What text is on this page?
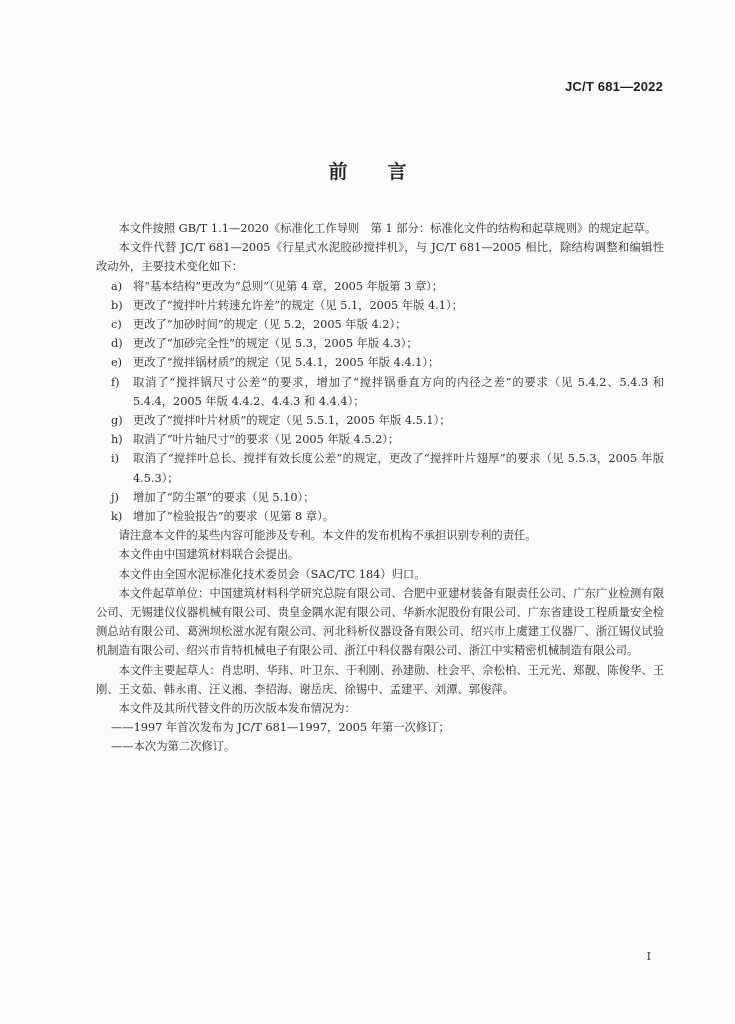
JC/T 681—2022
前言

本文件按照 GB/T 1.1—2020《标准化工作导则　第 1 部分：标准化文件的结构和起草规则》的规定起草。

本文件代替 JC/T 681—2005《行星式水泥胶砂搅拌机》，与 JC/T 681—2005 相比，除结构调整和编辑性改动外，主要技术变化如下：

a) 将“基本结构”更改为“总则”（见第 4 章，2005 年版第 3 章）；
b) 更改了“搅拌叶片转速允许差”的规定（见 5.1，2005 年版 4.1）；
c) 更改了“加砂时间”的规定（见 5.2，2005 年版 4.2）；
d) 更改了“加砂完全性”的规定（见 5.3，2005 年版 4.3）；
e) 更改了“搅拌锅材质”的规定（见 5.4.1，2005 年版 4.4.1）；
f)	取消了“搅拌锅尺寸公差”的要求，增加了“搅拌锅垂直方向的内径之差”的要求（见 5.4.2、5.4.3 和 5.4.4，2005 年版 4.4.2、4.4.3 和 4.4.4）；
g) 更改了“搅拌叶片材质”的规定（见 5.5.1，2005 年版 4.5.1）；
h) 取消了“叶片轴尺寸”的要求（见 2005 年版 4.5.2）；
i)	取消了“搅拌叶总长、搅拌有效长度公差”的规定，更改了“搅拌叶片翅厚”的要求（见 5.5.3，2005 年版 4.5.3）；
j)	增加了“防尘罩”的要求（见 5.10）；
k) 增加了“检验报告”的要求（见第 8 章）。

请注意本文件的某些内容可能涉及专利。本文件的发布机构不承担识别专利的责任。

本文件由中国建筑材料联合会提出。

本文件由全国水泥标准化技术委员会（SAC/TC 184）归口。

本文件起草单位：中国建筑材料科学研究总院有限公司、合肥中亚建材装备有限责任公司、广东广业检测有限公司、无锡建仪仪器机械有限公司、贵皇金隅水泥有限公司、华新水泥股份有限公司、广东省建设工程质量安全检测总站有限公司、葛洲坝松滋水泥有限公司、河北科析仪器设备有限公司、绍兴市上虞建工仪器厂、浙江锡仪试验机制造有限公司、绍兴市肯特机械电子有限公司、浙江中科仪器有限公司、浙江中实精密机械制造有限公司。

本文件主要起草人：肖忠明、华玮、叶卫东、于利刚、孙建勋、杜会平、佘松柏、王元光、郑靓、陈俊华、王刚、王文茹、韩永甫、汪义湘、李招海、谢岳庆、徐锡中、孟建平、刘潭、郭俊萍。

本文件及其所代替文件的历次版本发布情况为：

——1997 年首次发布为 JC/T 681—1997，2005 年第一次修订；
——本次为第二次修订。
I
